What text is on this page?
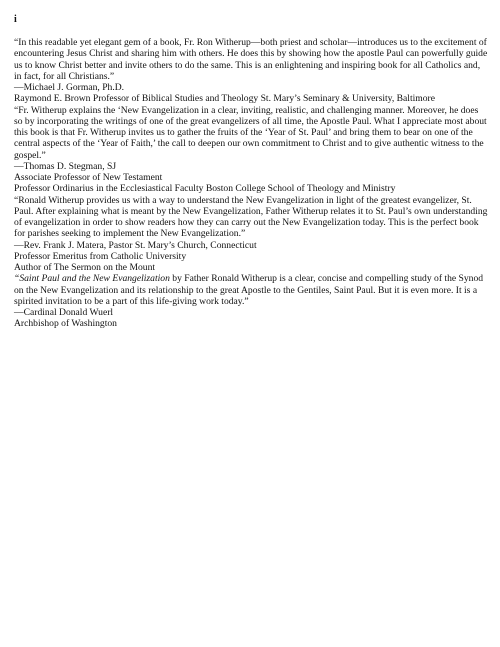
i

“In this readable yet elegant gem of a book, Fr. Ron Witherup—both priest and scholar—introduces us to the excitement of encountering Jesus Christ and sharing him with others. He does this by showing how the apostle Paul can powerfully guide us to know Christ better and invite others to do the same. This is an enlightening and inspiring book for all Catholics and, in fact, for all Christians.”

—Michael J. Gorman, Ph.D.

Raymond E. Brown Professor of Biblical Studies and Theology St. Mary’s Seminary & University, Baltimore

“Fr. Witherup explains the ‘New Evangelization in a clear, inviting, realistic, and challenging manner. Moreover, he does so by incorporating the writings of one of the great evangelizers of all time, the Apostle Paul. What I appreciate most about this book is that Fr. Witherup invites us to gather the fruits of the ‘Year of St. Paul’ and bring them to bear on one of the central aspects of the ‘Year of Faith,’ the call to deepen our own commitment to Christ and to give authentic witness to the gospel.”

—Thomas D. Stegman, SJ

Associate Professor of New Testament

Professor Ordinarius in the Ecclesiastical Faculty Boston College School of Theology and Ministry

“Ronald Witherup provides us with a way to understand the New Evangelization in light of the greatest evangelizer, St. Paul. After explaining what is meant by the New Evangelization, Father Witherup relates it to St. Paul’s own understanding of evangelization in order to show readers how they can carry out the New Evangelization today. This is the perfect book for parishes seeking to implement the New Evangelization.”

—Rev. Frank J. Matera, Pastor St. Mary’s Church, Connecticut

Professor Emeritus from Catholic University

Author of The Sermon on the Mount

“Saint Paul and the New Evangelization by Father Ronald Witherup is a clear, concise and compelling study of the Synod on the New Evangelization and its relationship to the great Apostle to the Gentiles, Saint Paul. But it is even more. It is a spirited invitation to be a part of this life-giving work today.”

—Cardinal Donald Wuerl

Archbishop of Washington
